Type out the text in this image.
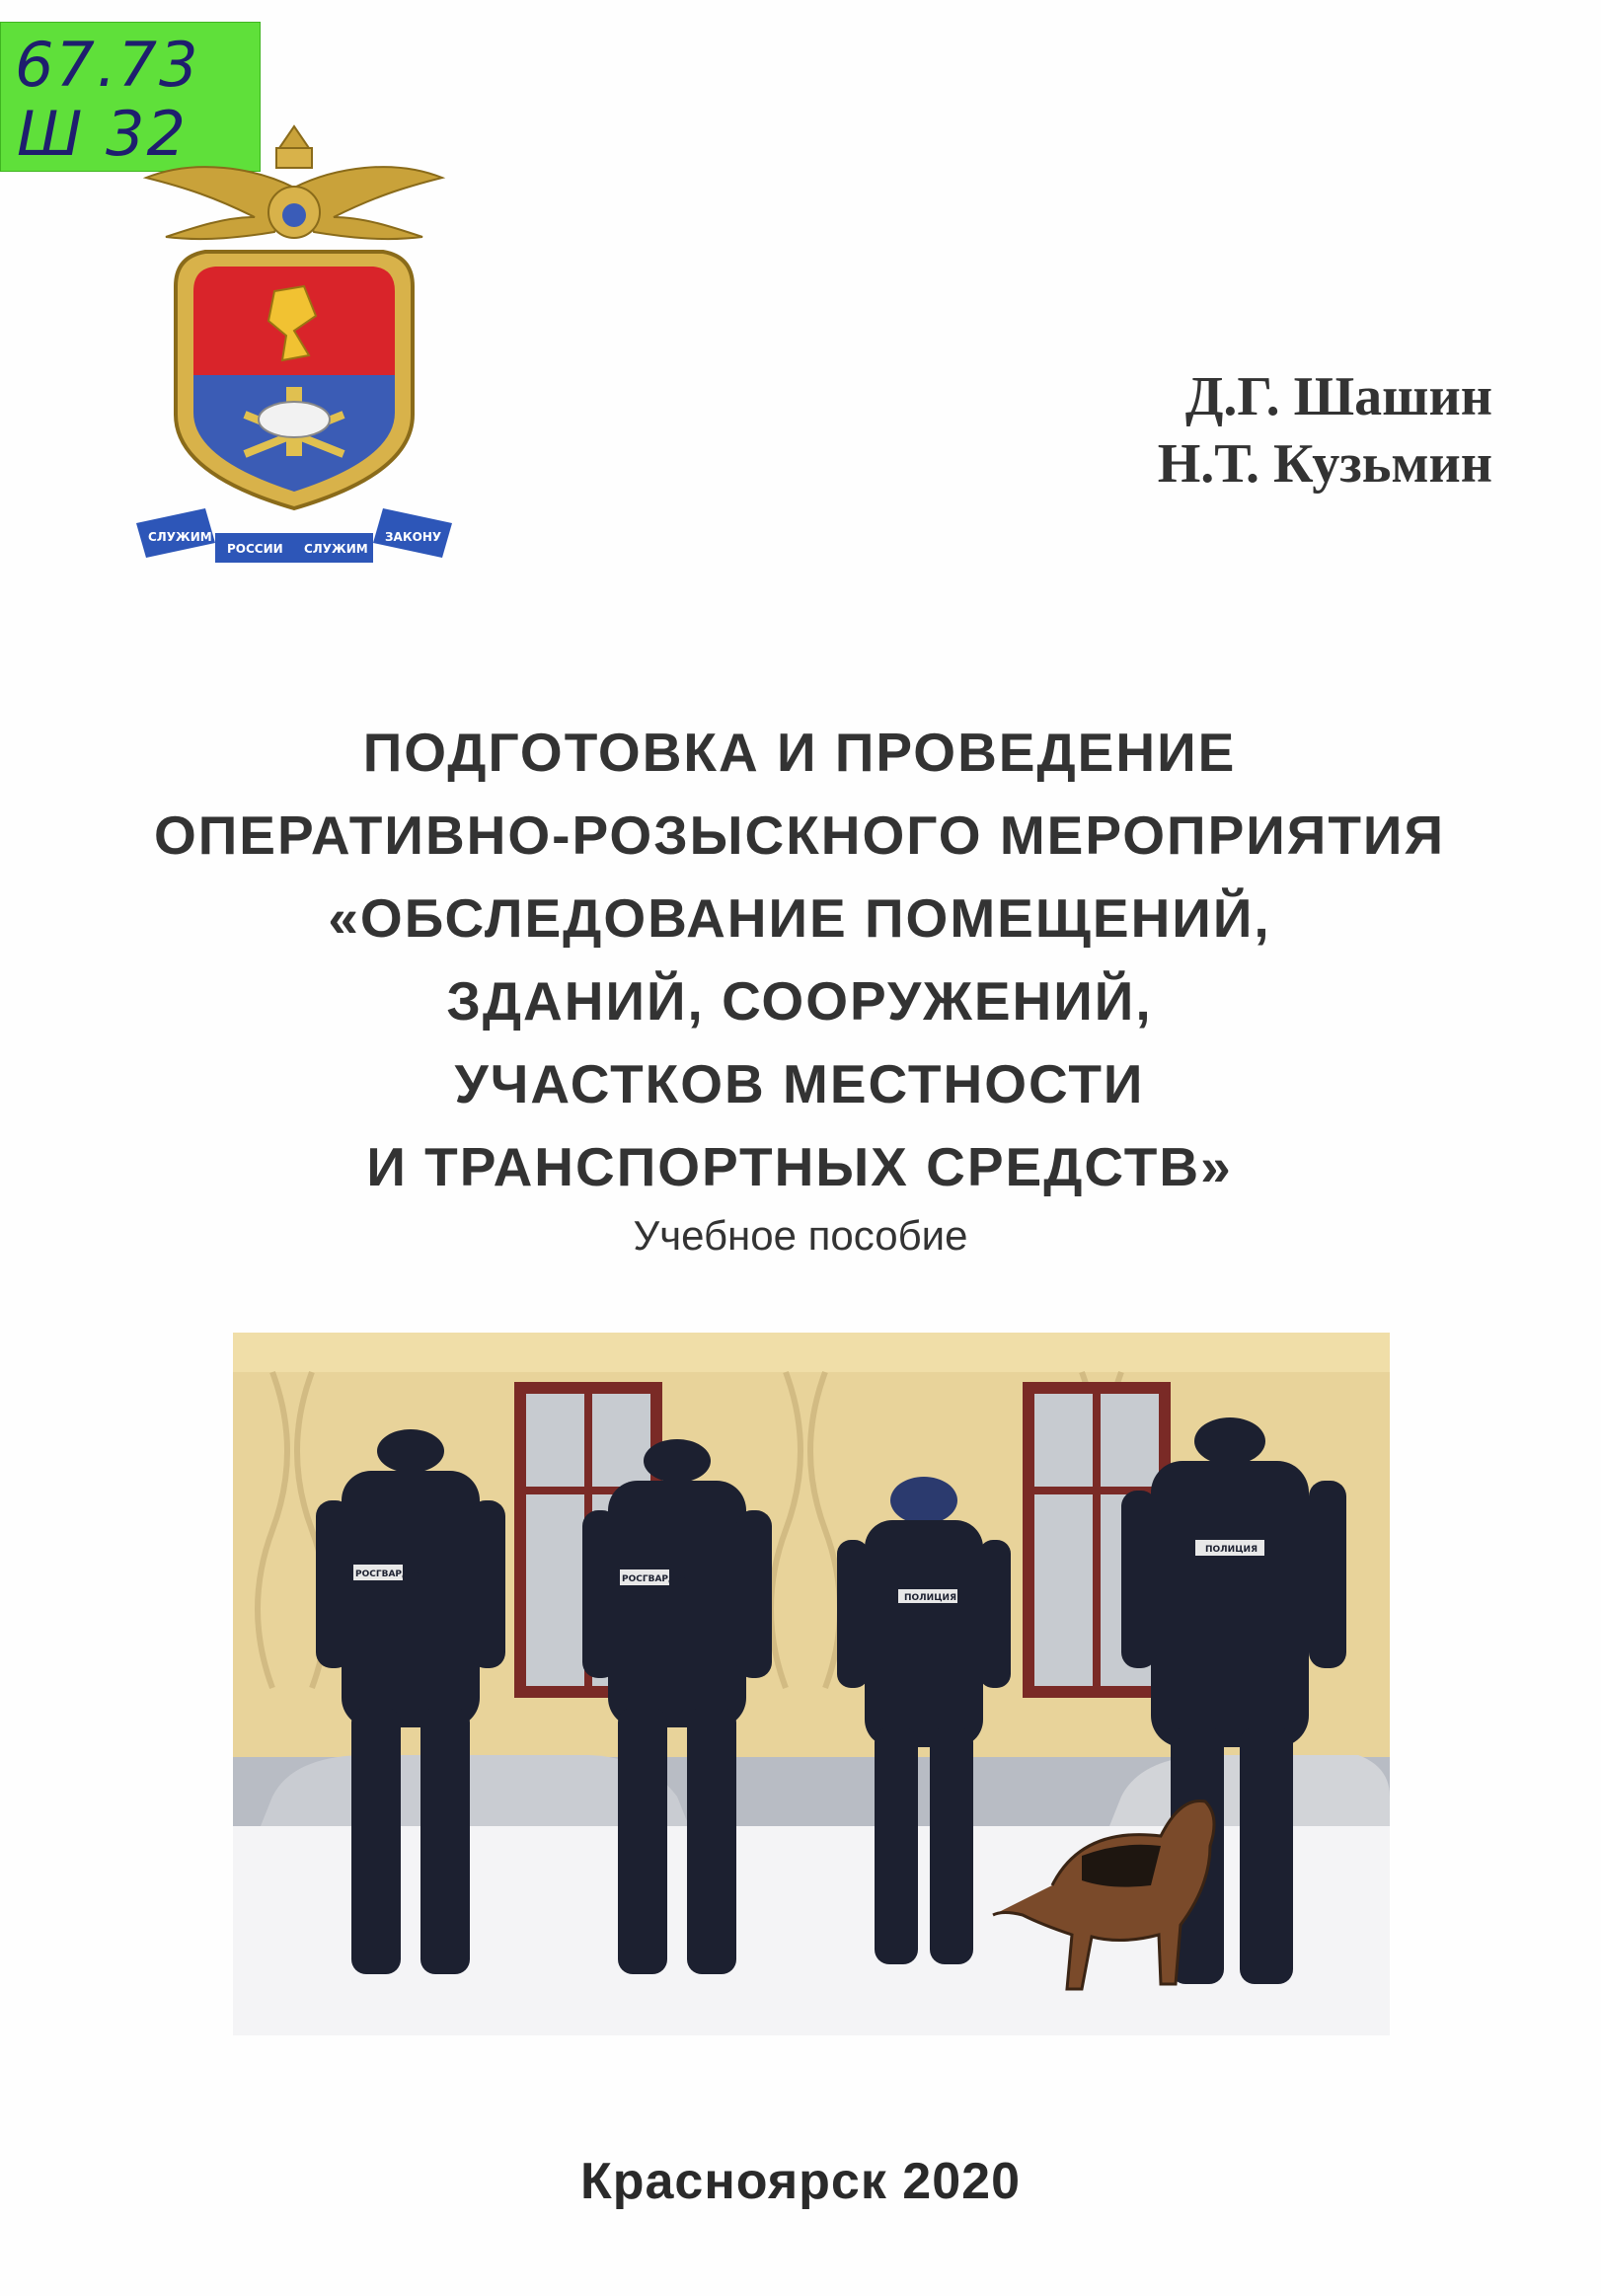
67.73
Ш 32
СЛУЖИМ
РОССИИ СЛУЖИМ
ЗАКОНУ
Д.Г. Шашин
Н.Т. Кузьмин
ПОДГОТОВКА И ПРОВЕДЕНИЕ
ОПЕРАТИВНО-РОЗЫСКНОГО МЕРОПРИЯТИЯ
«ОБСЛЕДОВАНИЕ ПОМЕЩЕНИЙ,
ЗДАНИЙ, СООРУЖЕНИЙ,
УЧАСТКОВ МЕСТНОСТИ
И ТРАНСПОРТНЫХ СРЕДСТВ»
Учебное пособие
РОСГВАРДИЯ	РОСГВАРДИЯ
ПОЛИЦИЯ
ПОЛИЦИЯ
Красноярск 2020
